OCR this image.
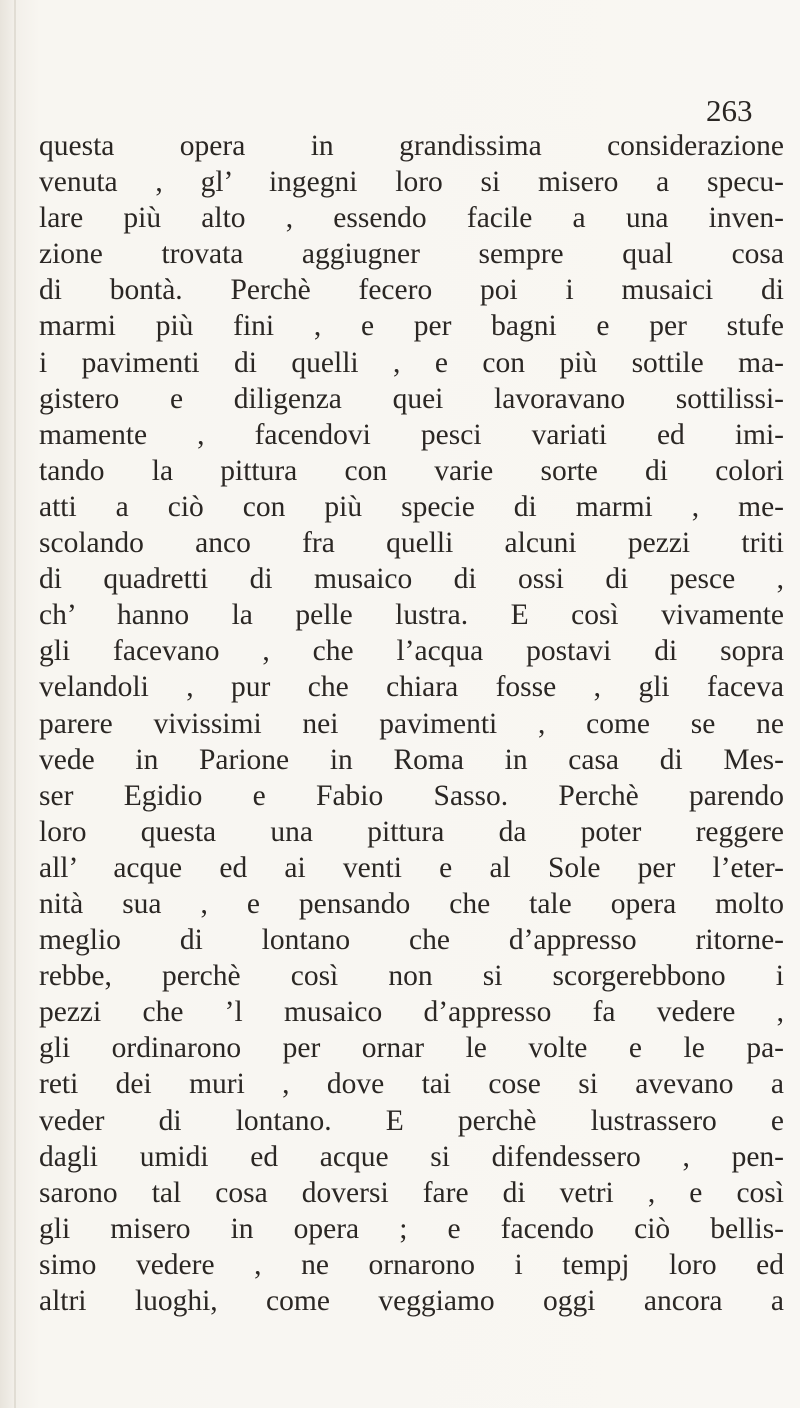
263
questa opera in grandissima considerazione
venuta , gl’ ingegni loro si misero a specu-
lare più alto , essendo facile a una inven-
zione trovata aggiugner sempre qual cosa
di bontà. Perchè fecero poi i musaici di
marmi più fini , e per bagni e per stufe
i pavimenti di quelli , e con più sottile ma-
gistero e diligenza quei lavoravano sottilissi-
mamente , facendovi pesci variati ed imi-
tando la pittura con varie sorte di colori
atti a ciò con più specie di marmi , me-
scolando anco fra quelli alcuni pezzi triti
di quadretti di musaico di ossi di pesce ,
ch’ hanno la pelle lustra. E così vivamente
gli facevano , che l’acqua postavi di sopra
velandoli , pur che chiara fosse , gli faceva
parere vivissimi nei pavimenti , come se ne
vede in Parione in Roma in casa di Mes-
ser Egidio e Fabio Sasso. Perchè parendo
loro questa una pittura da poter reggere
all’ acque ed ai venti e al Sole per l’eter-
nità sua , e pensando che tale opera molto
meglio di lontano che d’appresso ritorne-
rebbe, perchè così non si scorgerebbono i
pezzi che ’l musaico d’appresso fa vedere ,
gli ordinarono per ornar le volte e le pa-
reti dei muri , dove tai cose si avevano a
veder di lontano. E perchè lustrassero e
dagli umidi ed acque si difendessero , pen-
sarono tal cosa doversi fare di vetri , e così
gli misero in opera ; e facendo ciò bellis-
simo vedere , ne ornarono i tempj loro ed
altri luoghi, come veggiamo oggi ancora a
